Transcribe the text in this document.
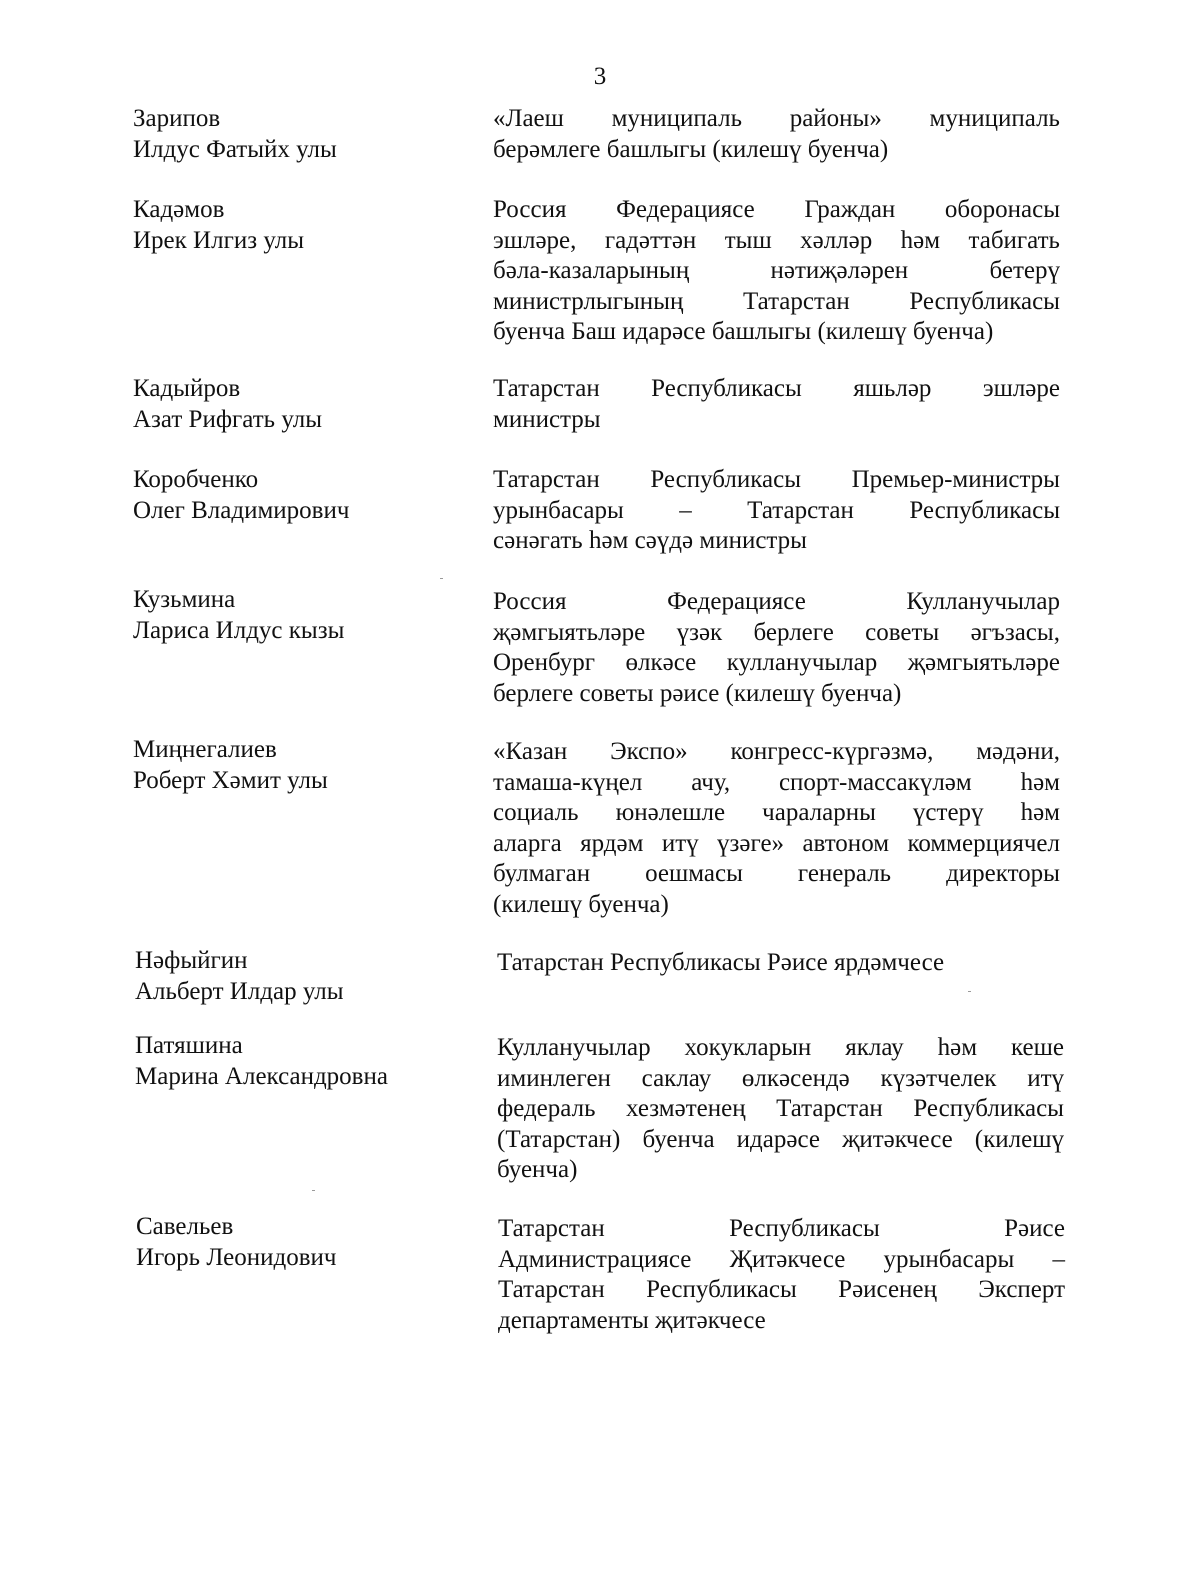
3
Зарипов
Илдус Фатыйх улы
«Лаеш муниципаль районы» муниципаль
берәмлеге башлыгы (килешү буенча)
Кадәмов
Ирек Илгиз улы
Россия Федерациясе Граждан оборонасы
эшләре, гадәттән тыш хәлләр һәм табигать
бәла-казаларының	нәтиҗәләрен	бетерү
министрлыгының Татарстан Республикасы
буенча Баш идарәсе башлыгы (килешү буенча)
Кадыйров
Азат Рифгать улы
Татарстан Республикасы яшьләр эшләре
министры
Коробченко
Олег Владимирович
Татарстан Республикасы Премьер-министры
урынбасары – Татарстан Республикасы
сәнәгать һәм сәүдә министры
Кузьмина
Лариса Илдус кызы
Россия	Федерациясе	Кулланучылар
җәмгыятьләре үзәк берлеге советы әгъзасы,
Оренбург өлкәсе кулланучылар җәмгыятьләре
берлеге советы рәисе (килешү буенча)
Миңнегалиев
Роберт Хәмит улы
«Казан Экспо» конгресс-күргәзмә, мәдәни,
тамаша-күңел ачу, спорт-массакүләм һәм
социаль юнәлешле чараларны үстерү һәм
аларга ярдәм итү үзәге» автоном коммерциячел
булмаган оешмасы генераль директоры
(килешү буенча)
Нәфыйгин
Альберт Илдар улы
Татарстан Республикасы Рәисе ярдәмчесе
Патяшина
Марина Александровна
Кулланучылар хокукларын яклау һәм кеше
иминлеген саклау өлкәсендә күзәтчелек итү
федераль хезмәтенең Татарстан Республикасы
(Татарстан) буенча идарәсе җитәкчесе (килешү
буенча)
Савельев
Игорь Леонидович
Татарстан	Республикасы	Рәисе
Администрациясе Җитәкчесе урынбасары –
Татарстан Республикасы Рәисенең Эксперт
департаменты җитәкчесе
